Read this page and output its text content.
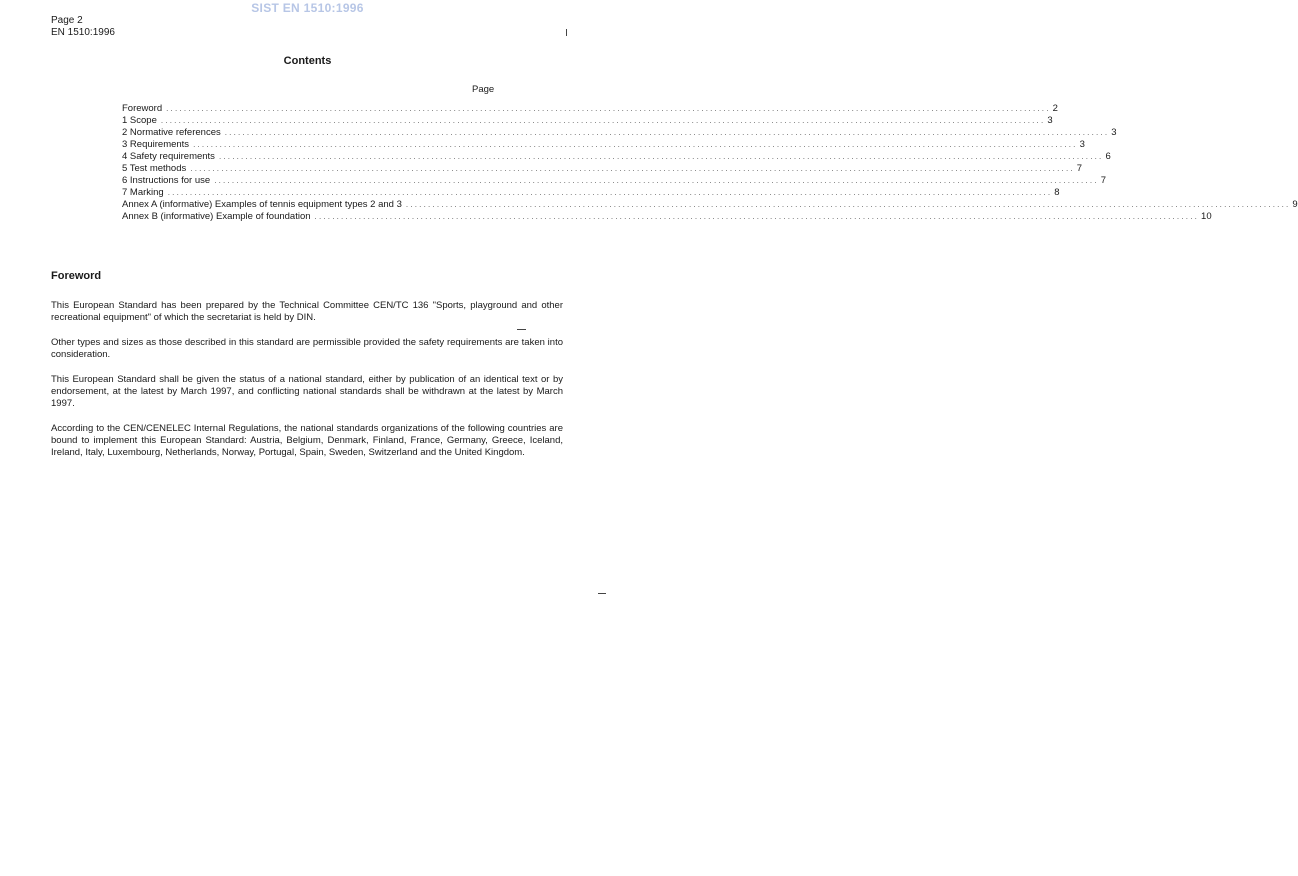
SIST EN 1510:1996
Page 2
EN 1510:1996
Contents
Page
Foreword ........................................................................................................................................................................................................ 2
1 Scope ........................................................................................................................................................................................................ 3
2 Normative references ........................................................................................................................................................................................................ 3
3 Requirements ........................................................................................................................................................................................................ 3
4 Safety requirements ........................................................................................................................................................................................................ 6
5 Test methods ........................................................................................................................................................................................................ 7
6 Instructions for use ........................................................................................................................................................................................................ 7
7 Marking ........................................................................................................................................................................................................ 8
Annex A (informative) Examples of tennis equipment types 2 and 3 ........................................................................................................................................................................................................ 9
Annex B (informative) Example of foundation ........................................................................................................................................................................................................ 10
Foreword

This European Standard has been prepared by the Technical Committee CEN/TC 136 "Sports, playground and other recreational equipment" of which the secretariat is held by DIN.

Other types and sizes as those described in this standard are permissible provided the safety requirements are taken into consideration.

This European Standard shall be given the status of a national standard, either by publication of an identical text or by endorsement, at the latest by March 1997, and conflicting national standards shall be withdrawn at the latest by March 1997.

According to the CEN/CENELEC Internal Regulations, the national standards organizations of the following countries are bound to implement this European Standard: Austria, Belgium, Denmark, Finland, France, Germany, Greece, Iceland, Ireland, Italy, Luxembourg, Netherlands, Norway, Portugal, Spain, Sweden, Switzerland and the United Kingdom.
